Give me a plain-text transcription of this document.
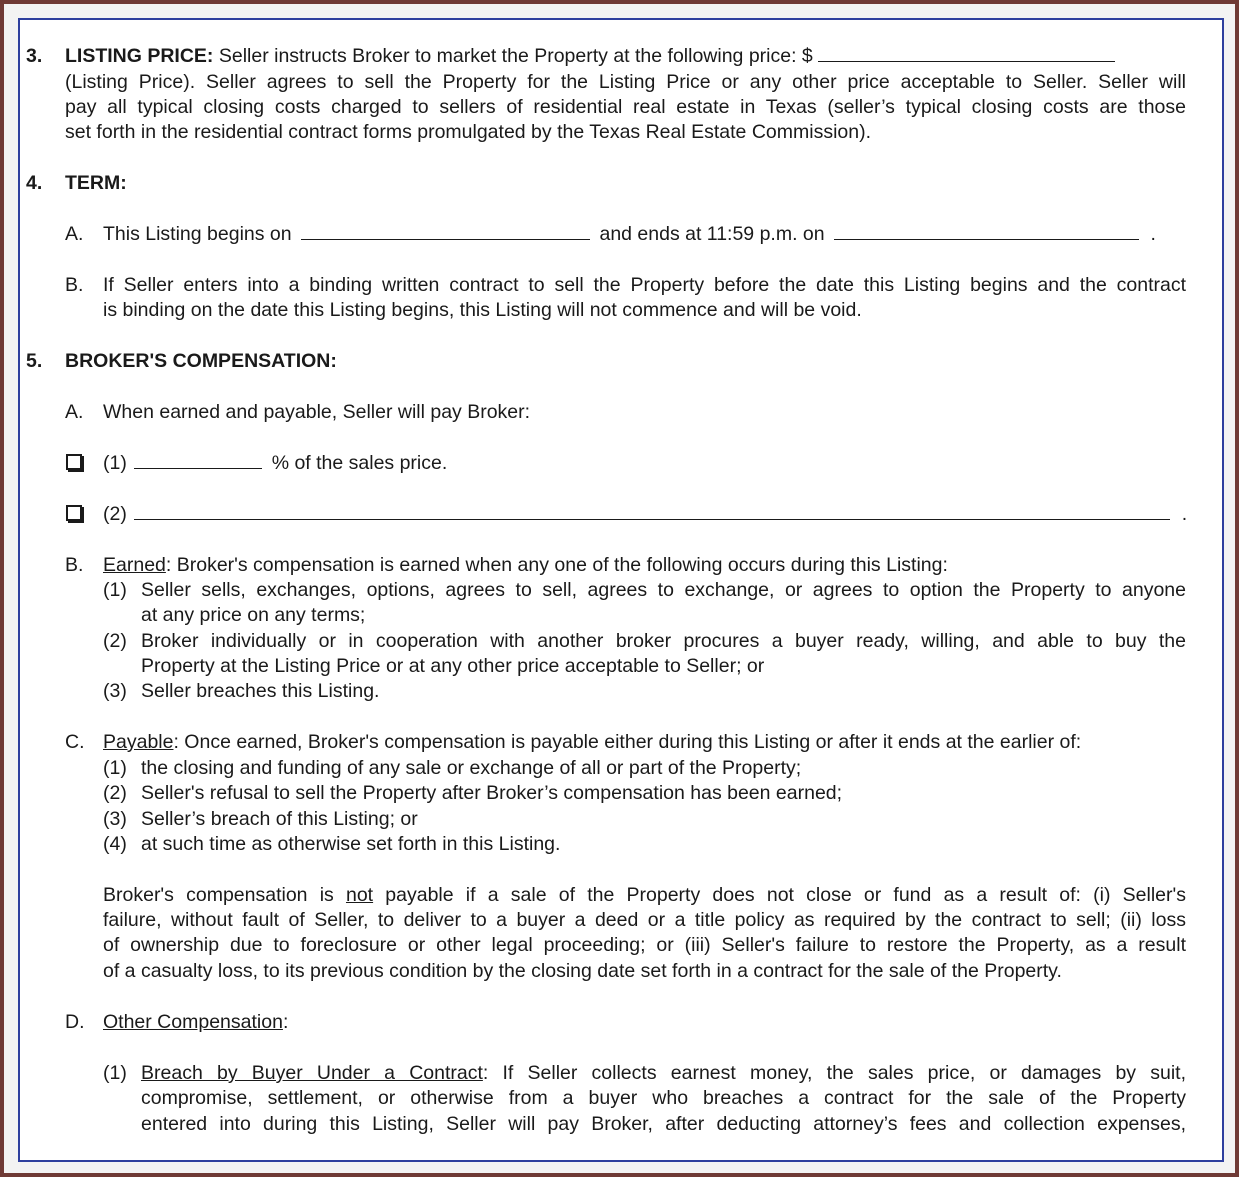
3. LISTING PRICE: Seller instructs Broker to market the Property at the following price: $
(Listing Price). Seller agrees to sell the Property for the Listing Price or any other price acceptable to Seller. Seller will
pay all typical closing costs charged to sellers of residential real estate in Texas (seller’s typical closing costs are those
set forth in the residential contract forms promulgated by the Texas Real Estate Commission).
4. TERM:
A. This Listing begins on	and ends at 11:59 p.m. on	.
B. If Seller enters into a binding written contract to sell the Property before the date this Listing begins and the contract
is binding on the date this Listing begins, this Listing will not commence and will be void.
5. BROKER'S COMPENSATION:
A. When earned and payable, Seller will pay Broker:
(1)	% of the sales price.
(2)	.
B. Earned: Broker's compensation is earned when any one of the following occurs during this Listing:
(1) Seller sells, exchanges, options, agrees to sell, agrees to exchange, or agrees to option the Property to anyone
at any price on any terms;
(2) Broker individually or in cooperation with another broker procures a buyer ready, willing, and able to buy the
Property at the Listing Price or at any other price acceptable to Seller; or
(3) Seller breaches this Listing.
C. Payable: Once earned, Broker's compensation is payable either during this Listing or after it ends at the earlier of:
(1) the closing and funding of any sale or exchange of all or part of the Property;
(2) Seller's refusal to sell the Property after Broker’s compensation has been earned;
(3) Seller’s breach of this Listing; or
(4) at such time as otherwise set forth in this Listing.
Broker's compensation is not payable if a sale of the Property does not close or fund as a result of: (i) Seller's
failure, without fault of Seller, to deliver to a buyer a deed or a title policy as required by the contract to sell; (ii) loss
of ownership due to foreclosure or other legal proceeding; or (iii) Seller's failure to restore the Property, as a result
of a casualty loss, to its previous condition by the closing date set forth in a contract for the sale of the Property.
D. Other Compensation:
(1) Breach by Buyer Under a Contract: If Seller collects earnest money, the sales price, or damages by suit,
compromise, settlement, or otherwise from a buyer who breaches a contract for the sale of the Property
entered into during this Listing, Seller will pay Broker, after deducting attorney’s fees and collection expenses,
